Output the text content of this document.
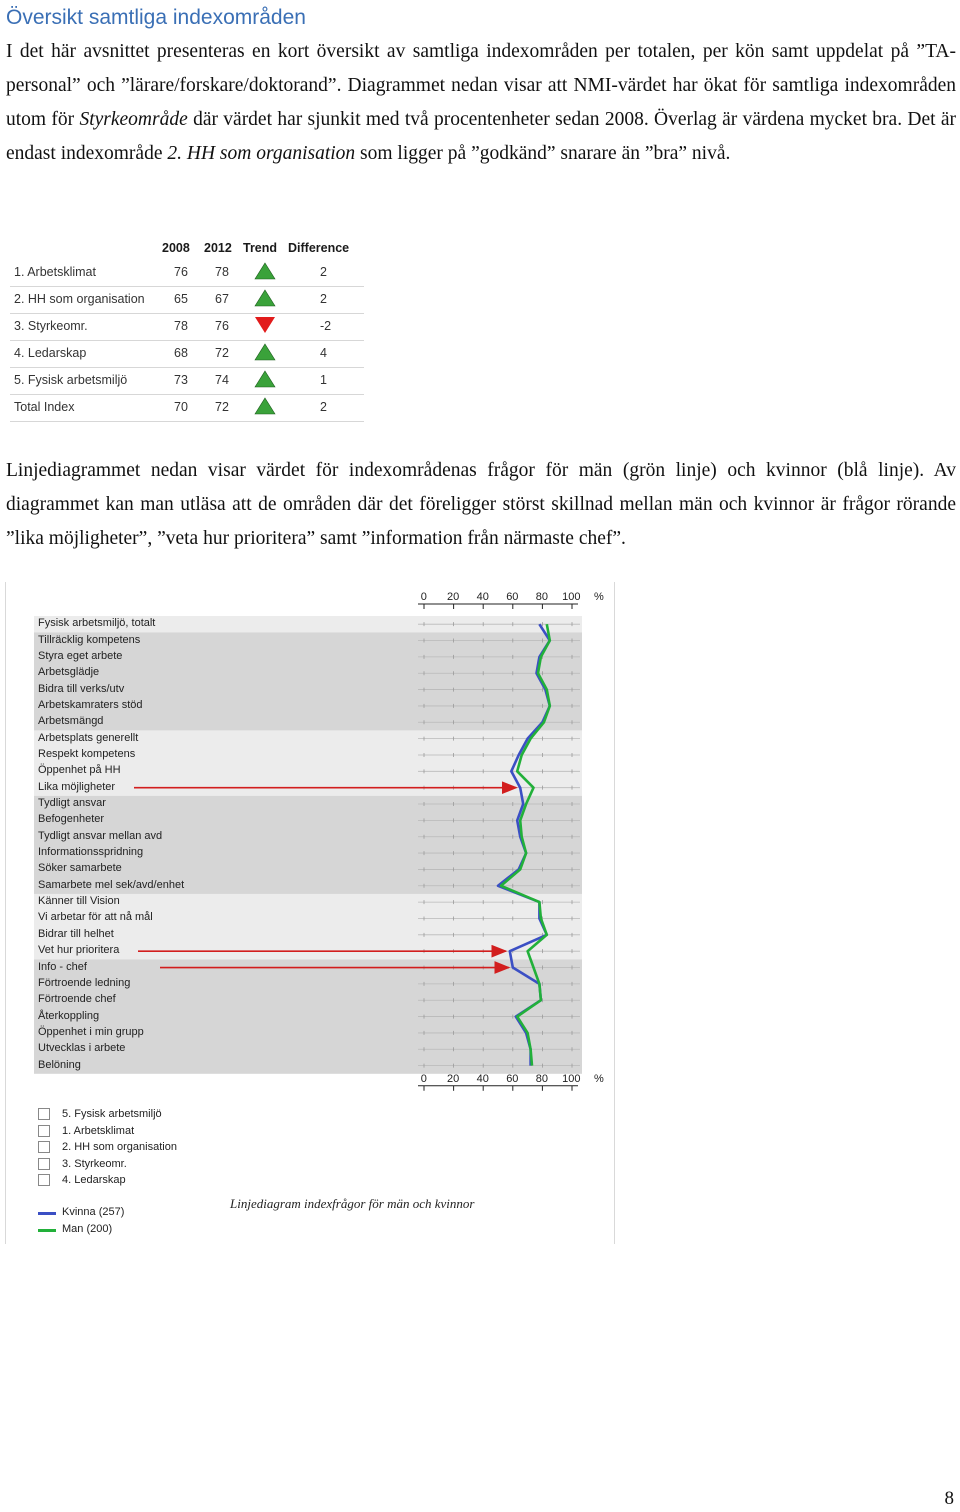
Översikt samtliga indexområden

I det här avsnittet presenteras en kort översikt av samtliga indexområden per totalen, per kön samt uppdelat på ”TA-personal” och ”lärare/forskare/doktorand”. Diagrammet nedan visar att NMI-värdet har ökat för samtliga indexområden utom för Styrkeområde där värdet har sjunkit med två procentenheter sedan 2008. Överlag är värdena mycket bra. Det är endast indexområde 2. HH som organisation som ligger på ”godkänd” snarare än ”bra” nivå.

2008 2012 Trend Difference
1. Arbetsklimat	76 78	2
2. HH som organisation 65 67	2
3. Styrkeomr.	78 76	-2
4. Ledarskap	68 72	4
5. Fysisk arbetsmiljö	73 74	1
Total Index	70 72	2

Linjediagrammet nedan visar värdet för indexområdenas frågor för män (grön linje) och kvinnor (blå linje). Av diagrammet kan man utläsa att de områden där det föreligger störst skillnad mellan män och kvinnor är frågor rörande ”lika möjligheter”, ”veta hur prioritera” samt ”information från närmaste chef”.

Fysisk arbetsmiljö, totalt
Tillräcklig kompetens
Styra eget arbete
Arbetsglädje
Bidra till verks/utv
Arbetskamraters stöd
Arbetsmängd
Arbetsplats generellt
Respekt kompetens
Öppenhet på HH
Lika möjligheter
Tydligt ansvar
Befogenheter
Tydligt ansvar mellan avd
Informationsspridning
Söker samarbete
Samarbete mel sek/avd/enhet
Känner till Vision
Vi arbetar för att nå mål
Bidrar till helhet
Vet hur prioritera
Info - chef
Förtroende ledning
Förtroende chef
Återkoppling
Öppenhet i min grupp
Utvecklas i arbete
Belöning
0 20 40 60 80 100 %
0 20 40 60 80 100 %
5. Fysisk arbetsmiljö
1. Arbetsklimat
2. HH som organisation
3. Styrkeomr.
4. Ledarskap
Kvinna (257)
Man (200)
Linjediagram indexfrågor för män och kvinnor
8
